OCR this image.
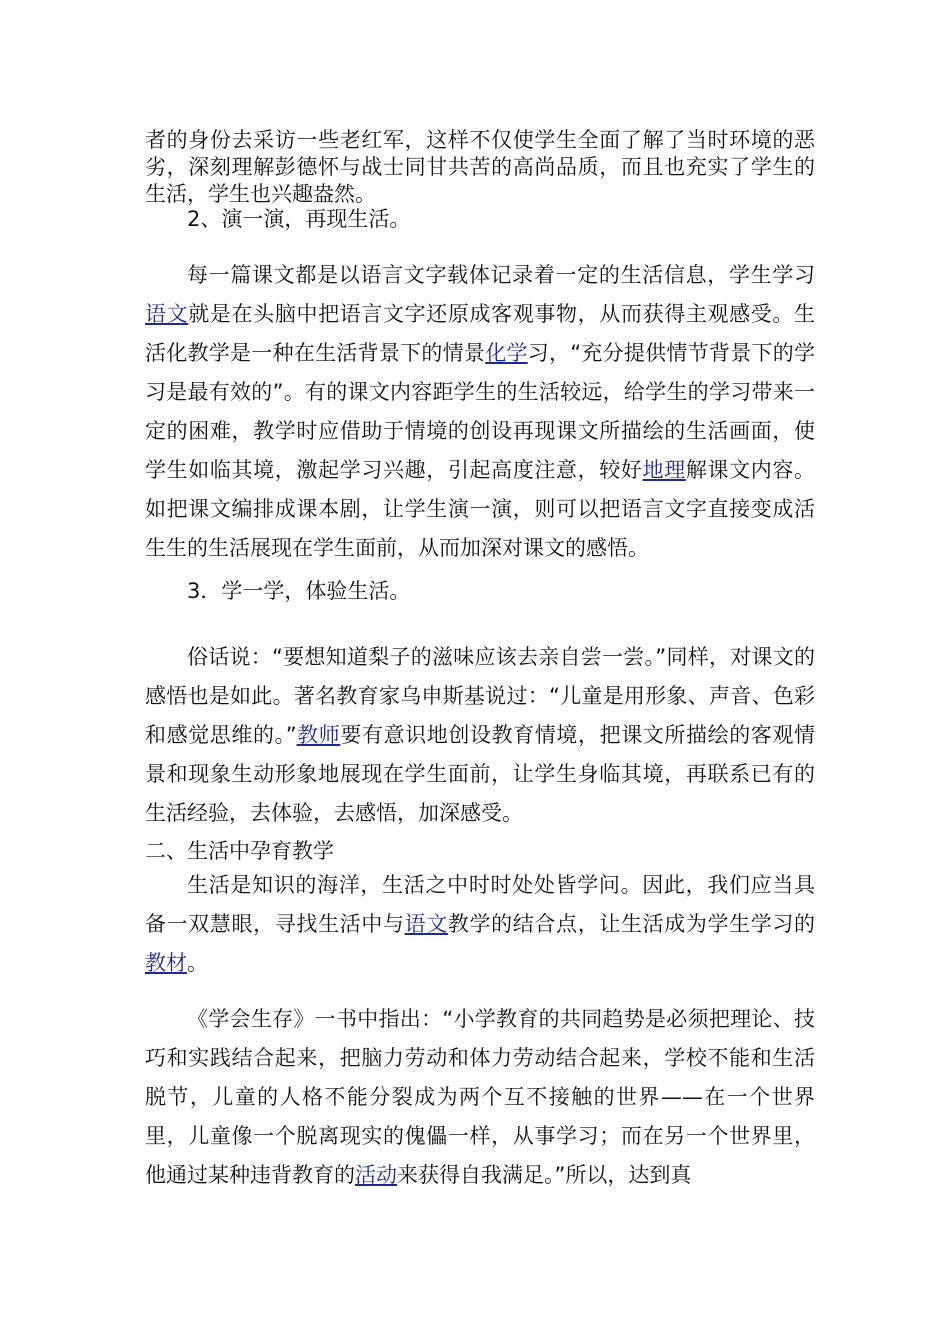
者的身份去采访一些老红军，这样不仅使学生全面了解了当时环境的恶劣，深刻理解彭德怀与战士同甘共苦的高尚品质，而且也充实了学生的生活，学生也兴趣盎然。

2、演一演，再现生活。

每一篇课文都是以语言文字载体记录着一定的生活信息，学生学习语文就是在头脑中把语言文字还原成客观事物，从而获得主观感受。生活化教学是一种在生活背景下的情景化学习，“充分提供情节背景下的学习是最有效的”。有的课文内容距学生的生活较远，给学生的学习带来一定的困难，教学时应借助于情境的创设再现课文所描绘的生活画面，使学生如临其境，激起学习兴趣，引起高度注意，较好地理解课文内容。如把课文编排成课本剧，让学生演一演，则可以把语言文字直接变成活生生的生活展现在学生面前，从而加深对课文的感悟。

3．学一学，体验生活。

俗话说：“要想知道梨子的滋味应该去亲自尝一尝。”同样，对课文的感悟也是如此。著名教育家乌申斯基说过：“儿童是用形象、声音、色彩和感觉思维的。”教师要有意识地创设教育情境，把课文所描绘的客观情景和现象生动形象地展现在学生面前，让学生身临其境，再联系已有的生活经验，去体验，去感悟，加深感受。

二、生活中孕育教学

生活是知识的海洋，生活之中时时处处皆学问。因此，我们应当具备一双慧眼，寻找生活中与语文教学的结合点，让生活成为学生学习的教材。

《学会生存》一书中指出：“小学教育的共同趋势是必须把理论、技巧和实践结合起来，把脑力劳动和体力劳动结合起来，学校不能和生活脱节，儿童的人格不能分裂成为两个互不接触的世界——在一个世界里，儿童像一个脱离现实的傀儡一样，从事学习；而在另一个世界里，他通过某种违背教育的活动来获得自我满足。”所以，达到真
